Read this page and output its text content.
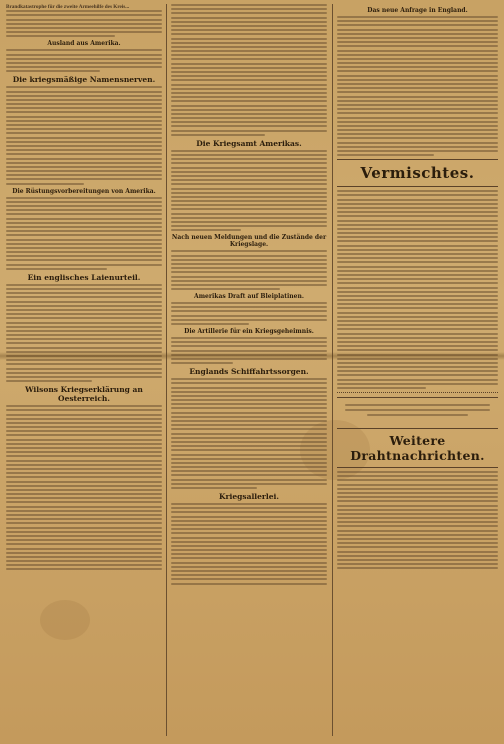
Brandkatastrophe für die zweite Armeehilfe des Kreis...
Ausland aus Amerika.
Die kriegsmäßige Namensnerven.
Die Rüstungsvorbereitungen von Amerika.
Ein englisches Laienurteil.
Wilsons Kriegserklärung an Oesterreich.
Die Kriegsamt Amerikas.
Nach neuen Meldungen und die Zustände der Kriegslage.
Amerikas Draft auf Bleiplatinen.
Die Artillerie für ein Kriegsgeheimnis.
Englands Schiffahrtssorgen.
Kriegsallerlei.
Das neue Anfrage in England.
Vermischtes.
Weitere Drahtnachrichten.
